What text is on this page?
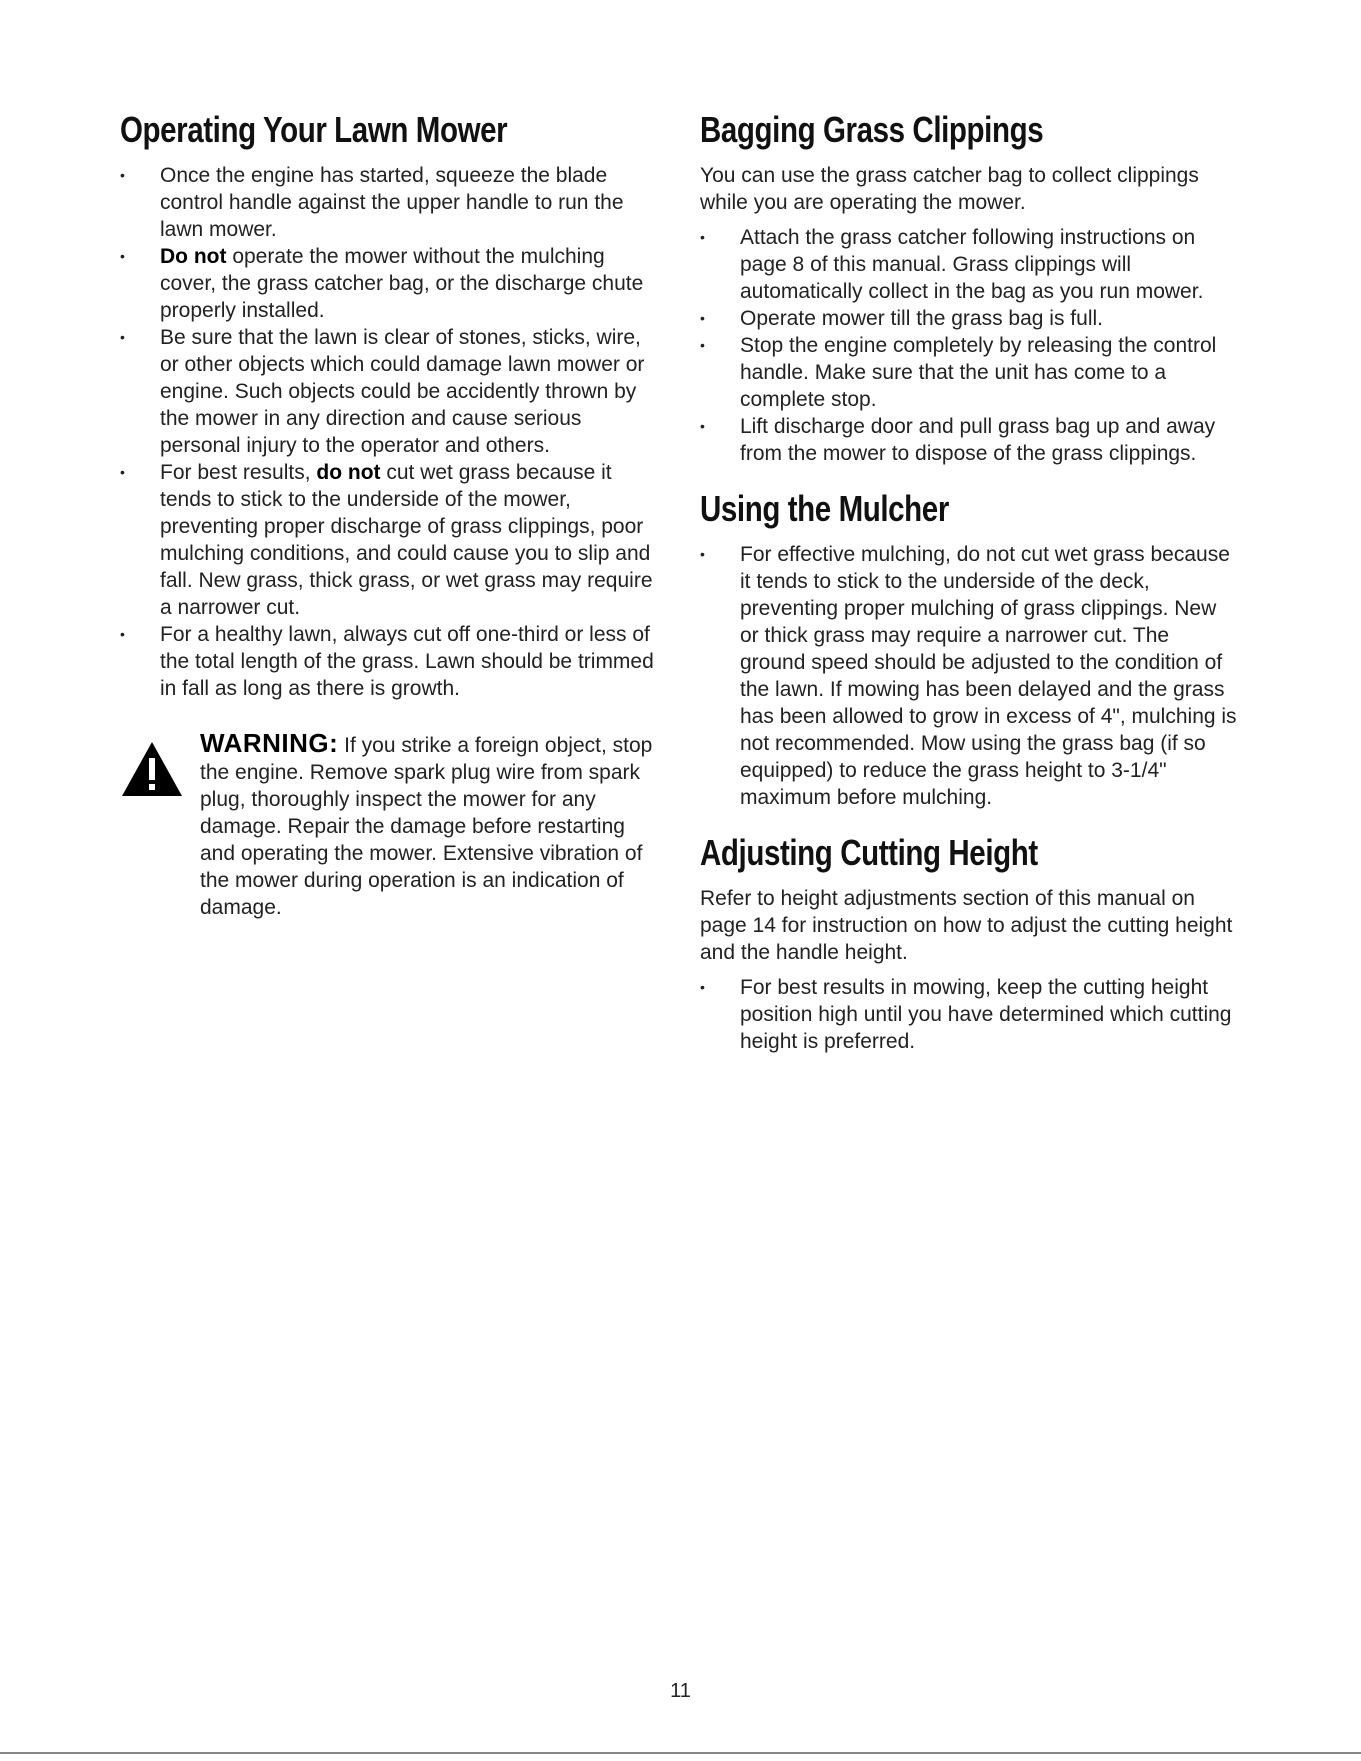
Operating Your Lawn Mower
•	Once the engine has started, squeeze the blade control handle against the upper handle to run the lawn mower.
•	Do not operate the mower without the mulching cover, the grass catcher bag, or the discharge chute properly installed.
•	Be sure that the lawn is clear of stones, sticks, wire, or other objects which could damage lawn mower or engine. Such objects could be accidently thrown by the mower in any direction and cause serious personal injury to the operator and others.
•	For best results, do not cut wet grass because it tends to stick to the underside of the mower, preventing proper discharge of grass clippings, poor mulching conditions, and could cause you to slip and fall. New grass, thick grass, or wet grass may require a narrower cut.
•	For a healthy lawn, always cut off one-third or less of the total length of the grass. Lawn should be trimmed in fall as long as there is growth.
WARNING: If you strike a foreign object, stop the engine. Remove spark plug wire from spark plug, thoroughly inspect the mower for any damage. Repair the damage before restarting and operating the mower. Extensive vibration of the mower during operation is an indication of damage.
Bagging Grass Clippings

You can use the grass catcher bag to collect clippings while you are operating the mower.

•	Attach the grass catcher following instructions on page 8 of this manual. Grass clippings will automatically collect in the bag as you run mower.
•	Operate mower till the grass bag is full.
•	Stop the engine completely by releasing the control handle. Make sure that the unit has come to a complete stop.
•	Lift discharge door and pull grass bag up and away from the mower to dispose of the grass clippings.
Using the Mulcher
•	For effective mulching, do not cut wet grass because it tends to stick to the underside of the deck, preventing proper mulching of grass clippings. New or thick grass may require a narrower cut. The ground speed should be adjusted to the condition of the lawn. If mowing has been delayed and the grass has been allowed to grow in excess of 4", mulching is not recommended. Mow using the grass bag (if so equipped) to reduce the grass height to 3-1/4" maximum before mulching.
Adjusting Cutting Height

Refer to height adjustments section of this manual on page 14 for instruction on how to adjust the cutting height and the handle height.

•	For best results in mowing, keep the cutting height position high until you have determined which cutting height is preferred.
11
